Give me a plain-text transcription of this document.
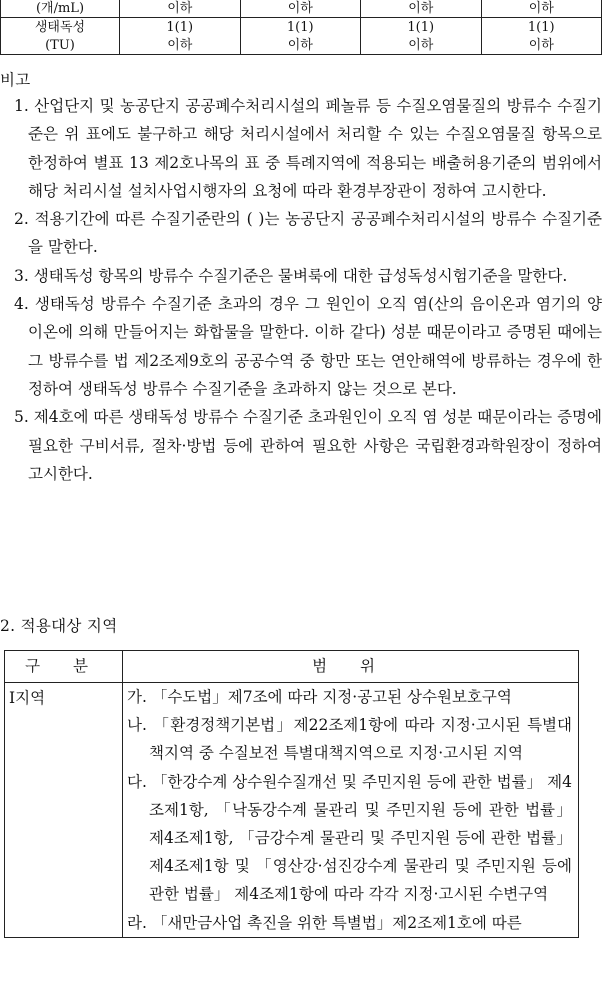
(개/mL)	이하	이하	이하	이하
생태독성	1(1)	1(1)	1(1)	1(1)
(TU)	이하	이하	이하	이하
비고
1. 산업단지 및 농공단지 공공폐수처리시설의 페놀류 등 수질오염물질의 방류수 수질기준은 위 표에도 불구하고 해당 처리시설에서 처리할 수 있는 수질오염물질 항목으로 한정하여 별표 13 제2호나목의 표 중 특례지역에 적용되는 배출허용기준의 범위에서 해당 처리시설 설치사업시행자의 요청에 따라 환경부장관이 정하여 고시한다.
2. 적용기간에 따른 수질기준란의 ( )는 농공단지 공공폐수처리시설의 방류수 수질기준을 말한다.
3. 생태독성 항목의 방류수 수질기준은 물벼룩에 대한 급성독성시험기준을 말한다.
4. 생태독성 방류수 수질기준 초과의 경우 그 원인이 오직 염(산의 음이온과 염기의 양이온에 의해 만들어지는 화합물을 말한다. 이하 같다) 성분 때문이라고 증명된 때에는 그 방류수를 법 제2조제9호의 공공수역 중 항만 또는 연안해역에 방류하는 경우에 한정하여 생태독성 방류수 수질기준을 초과하지 않는 것으로 본다.
5. 제4호에 따른 생태독성 방류수 수질기준 초과원인이 오직 염 성분 때문이라는 증명에 필요한 구비서류, 절차·방법 등에 관하여 필요한 사항은 국립환경과학원장이 정하여 고시한다.
2. 적용대상 지역
구 분	범 위
Ⅰ지역	가. 「수도법」제7조에 따라 지정·공고된 상수원보호구역
나. 「환경정책기본법」제22조제1항에 따라 지정·고시된 특별대책지역 중 수질보전 특별대책지역으로 지정·고시된 지역
다. 「한강수계 상수원수질개선 및 주민지원 등에 관한 법률」 제4조제1항, 「낙동강수계 물관리 및 주민지원 등에 관한 법률」 제4조제1항, 「금강수계 물관리 및 주민지원 등에 관한 법률」 제4조제1항 및 「영산강·섬진강수계 물관리 및 주민지원 등에 관한 법률」 제4조제1항에 따라 각각 지정·고시된 수변구역
라. 「새만금사업 촉진을 위한 특별법」제2조제1호에 따른
